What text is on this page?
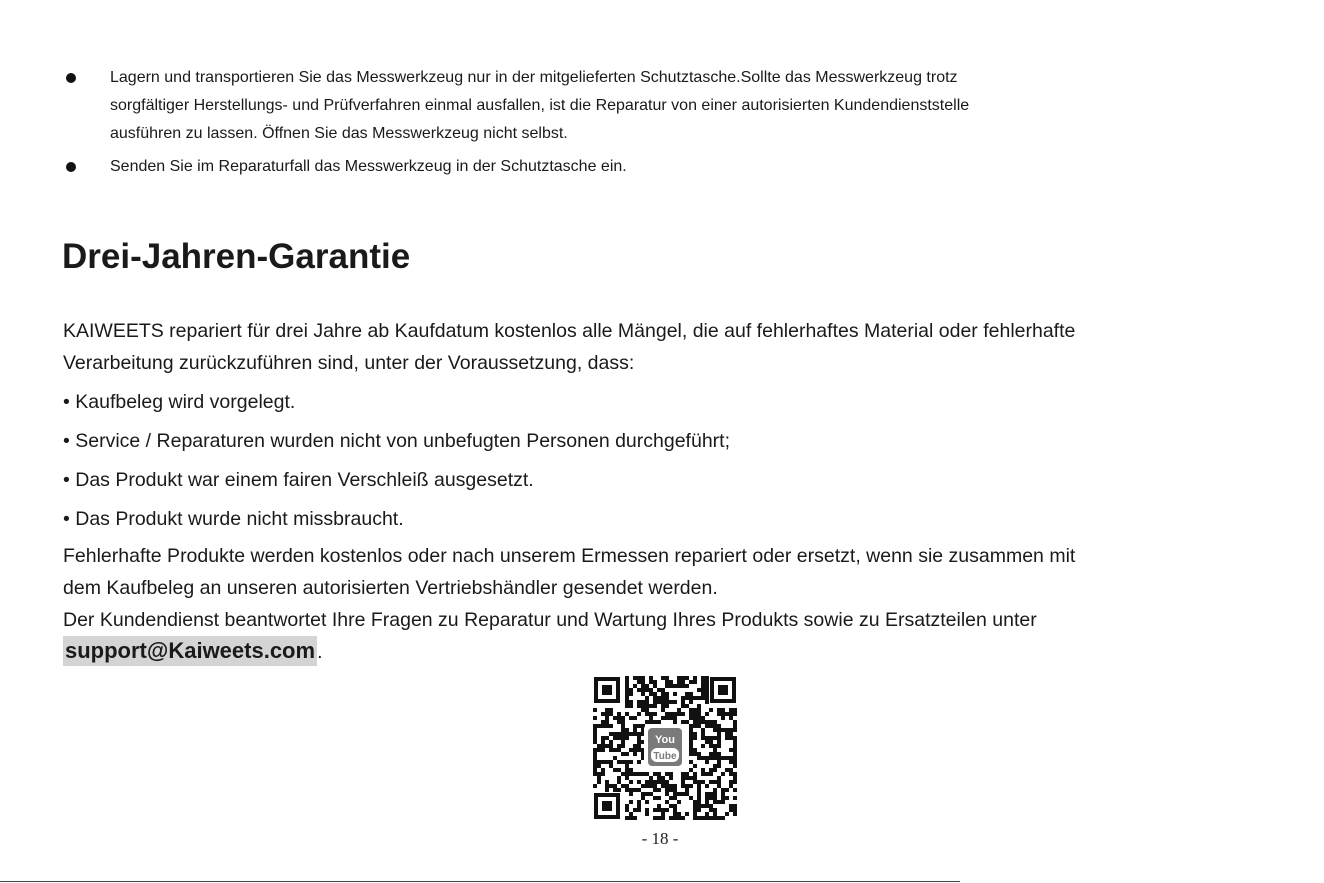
Lagern und transportieren Sie das Messwerkzeug nur in der mitgelieferten Schutztasche.Sollte das Messwerkzeug trotz
sorgfältiger Herstellungs- und Prüfverfahren einmal ausfallen, ist die Reparatur von einer autorisierten Kundendienststelle
ausführen zu lassen. Öffnen Sie das Messwerkzeug nicht selbst.
Senden Sie im Reparaturfall das Messwerkzeug in der Schutztasche ein.
Drei-Jahren-Garantie

KAIWEETS repariert für drei Jahre ab Kaufdatum kostenlos alle Mängel, die auf fehlerhaftes Material oder fehlerhafte
Verarbeitung zurückzuführen sind, unter der Voraussetzung, dass:

• Kaufbeleg wird vorgelegt.
• Service / Reparaturen wurden nicht von unbefugten Personen durchgeführt;
• Das Produkt war einem fairen Verschleiß ausgesetzt.
• Das Produkt wurde nicht missbraucht.

Fehlerhafte Produkte werden kostenlos oder nach unserem Ermessen repariert oder ersetzt, wenn sie zusammen mit
dem Kaufbeleg an unseren autorisierten Vertriebshändler gesendet werden.

Der Kundendienst beantwortet Ihre Fragen zu Reparatur und Wartung Ihres Produkts sowie zu Ersatzteilen unter
support@Kaiweets.com .
You
Tube
- 18 -
